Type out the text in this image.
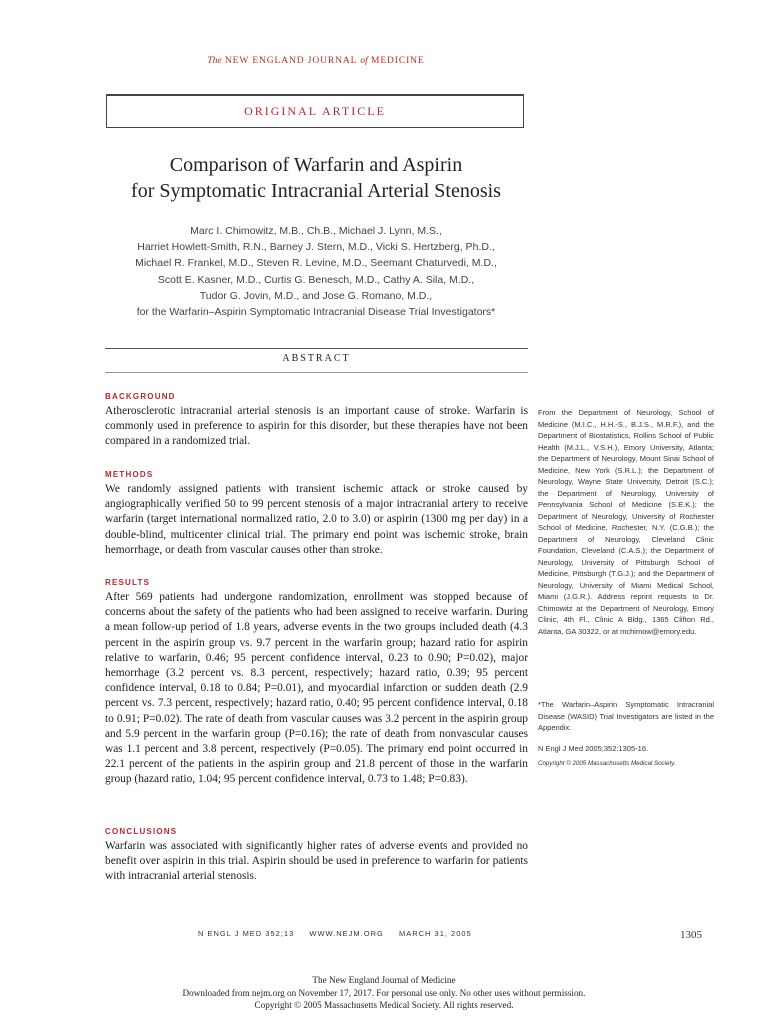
The NEW ENGLAND JOURNAL of MEDICINE
ORIGINAL ARTICLE
Comparison of Warfarin and Aspirin
for Symptomatic Intracranial Arterial Stenosis
Marc I. Chimowitz, M.B., Ch.B., Michael J. Lynn, M.S.,
Harriet Howlett-Smith, R.N., Barney J. Stern, M.D., Vicki S. Hertzberg, Ph.D.,
Michael R. Frankel, M.D., Steven R. Levine, M.D., Seemant Chaturvedi, M.D.,
Scott E. Kasner, M.D., Curtis G. Benesch, M.D., Cathy A. Sila, M.D.,
Tudor G. Jovin, M.D., and Jose G. Romano, M.D.,
for the Warfarin–Aspirin Symptomatic Intracranial Disease Trial Investigators*
ABSTRACT
BACKGROUND

Atherosclerotic intracranial arterial stenosis is an important cause of stroke. Warfarin is commonly used in preference to aspirin for this disorder, but these therapies have not been compared in a randomized trial.

METHODS

We randomly assigned patients with transient ischemic attack or stroke caused by angiographically verified 50 to 99 percent stenosis of a major intracranial artery to receive warfarin (target international normalized ratio, 2.0 to 3.0) or aspirin (1300 mg per day) in a double-blind, multicenter clinical trial. The primary end point was ischemic stroke, brain hemorrhage, or death from vascular causes other than stroke.

RESULTS

After 569 patients had undergone randomization, enrollment was stopped because of concerns about the safety of the patients who had been assigned to receive warfarin. During a mean follow-up period of 1.8 years, adverse events in the two groups included death (4.3 percent in the aspirin group vs. 9.7 percent in the warfarin group; hazard ratio for aspirin relative to warfarin, 0.46; 95 percent confidence interval, 0.23 to 0.90; P=0.02), major hemorrhage (3.2 percent vs. 8.3 percent, respectively; hazard ratio, 0.39; 95 percent confidence interval, 0.18 to 0.84; P=0.01), and myocardial infarction or sudden death (2.9 percent vs. 7.3 percent, respectively; hazard ratio, 0.40; 95 percent confidence interval, 0.18 to 0.91; P=0.02). The rate of death from vascular causes was 3.2 percent in the aspirin group and 5.9 percent in the warfarin group (P=0.16); the rate of death from nonvascular causes was 1.1 percent and 3.8 percent, respectively (P=0.05). The primary end point occurred in 22.1 percent of the patients in the aspirin group and 21.8 percent of those in the warfarin group (hazard ratio, 1.04; 95 percent confidence interval, 0.73 to 1.48; P=0.83).

CONCLUSIONS

Warfarin was associated with significantly higher rates of adverse events and provided no benefit over aspirin in this trial. Aspirin should be used in preference to warfarin for patients with intracranial arterial stenosis.

From the Department of Neurology, School of Medicine (M.I.C., H.H.-S., B.J.S., M.R.F.), and the Department of Biostatistics, Rollins School of Public Health (M.J.L., V.S.H.), Emory University, Atlanta; the Department of Neurology, Mount Sinai School of Medicine, New York (S.R.L.); the Department of Neurology, Wayne State University, Detroit (S.C.); the Department of Neurology, University of Pennsylvania School of Medicine (S.E.K.); the Department of Neurology, University of Rochester School of Medicine, Rochester, N.Y. (C.G.B.); the Department of Neurology, Cleveland Clinic Foundation, Cleveland (C.A.S.); the Department of Neurology, University of Pittsburgh School of Medicine, Pittsburgh (T.G.J.); and the Department of Neurology, University of Miami Medical School, Miami (J.G.R.). Address reprint requests to Dr. Chimowitz at the Department of Neurology, Emory Clinic, 4th Fl., Clinic A Bldg., 1365 Clifton Rd., Atlanta, GA 30322, or at mchimow@emory.edu.
*The Warfarin–Aspirin Symptomatic Intracranial Disease (WASID) Trial Investigators are listed in the Appendix.
N Engl J Med 2005;352:1305-16.
Copyright © 2005 Massachusetts Medical Society.
N ENGL J MED 352;13 WWW.NEJM.ORG MARCH 31, 2005	1305
The New England Journal of Medicine
Downloaded from nejm.org on November 17, 2017. For personal use only. No other uses without permission.
Copyright © 2005 Massachusetts Medical Society. All rights reserved.
